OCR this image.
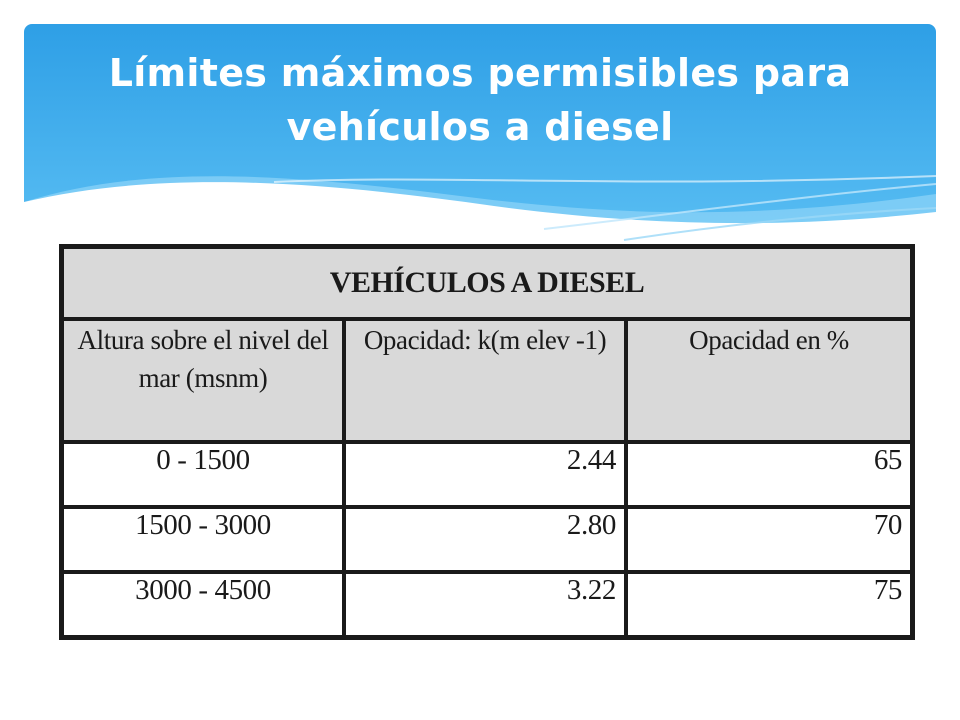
Límites máximos permisibles para
vehículos a diesel
VEHÍCULOS A DIESEL		
Altura sobre el nivel del mar (msnm)	Opacidad: k(m elev -1)	Opacidad en %
0 - 1500	2.44	65
1500 - 3000	2.80	70
3000 - 4500	3.22	75
